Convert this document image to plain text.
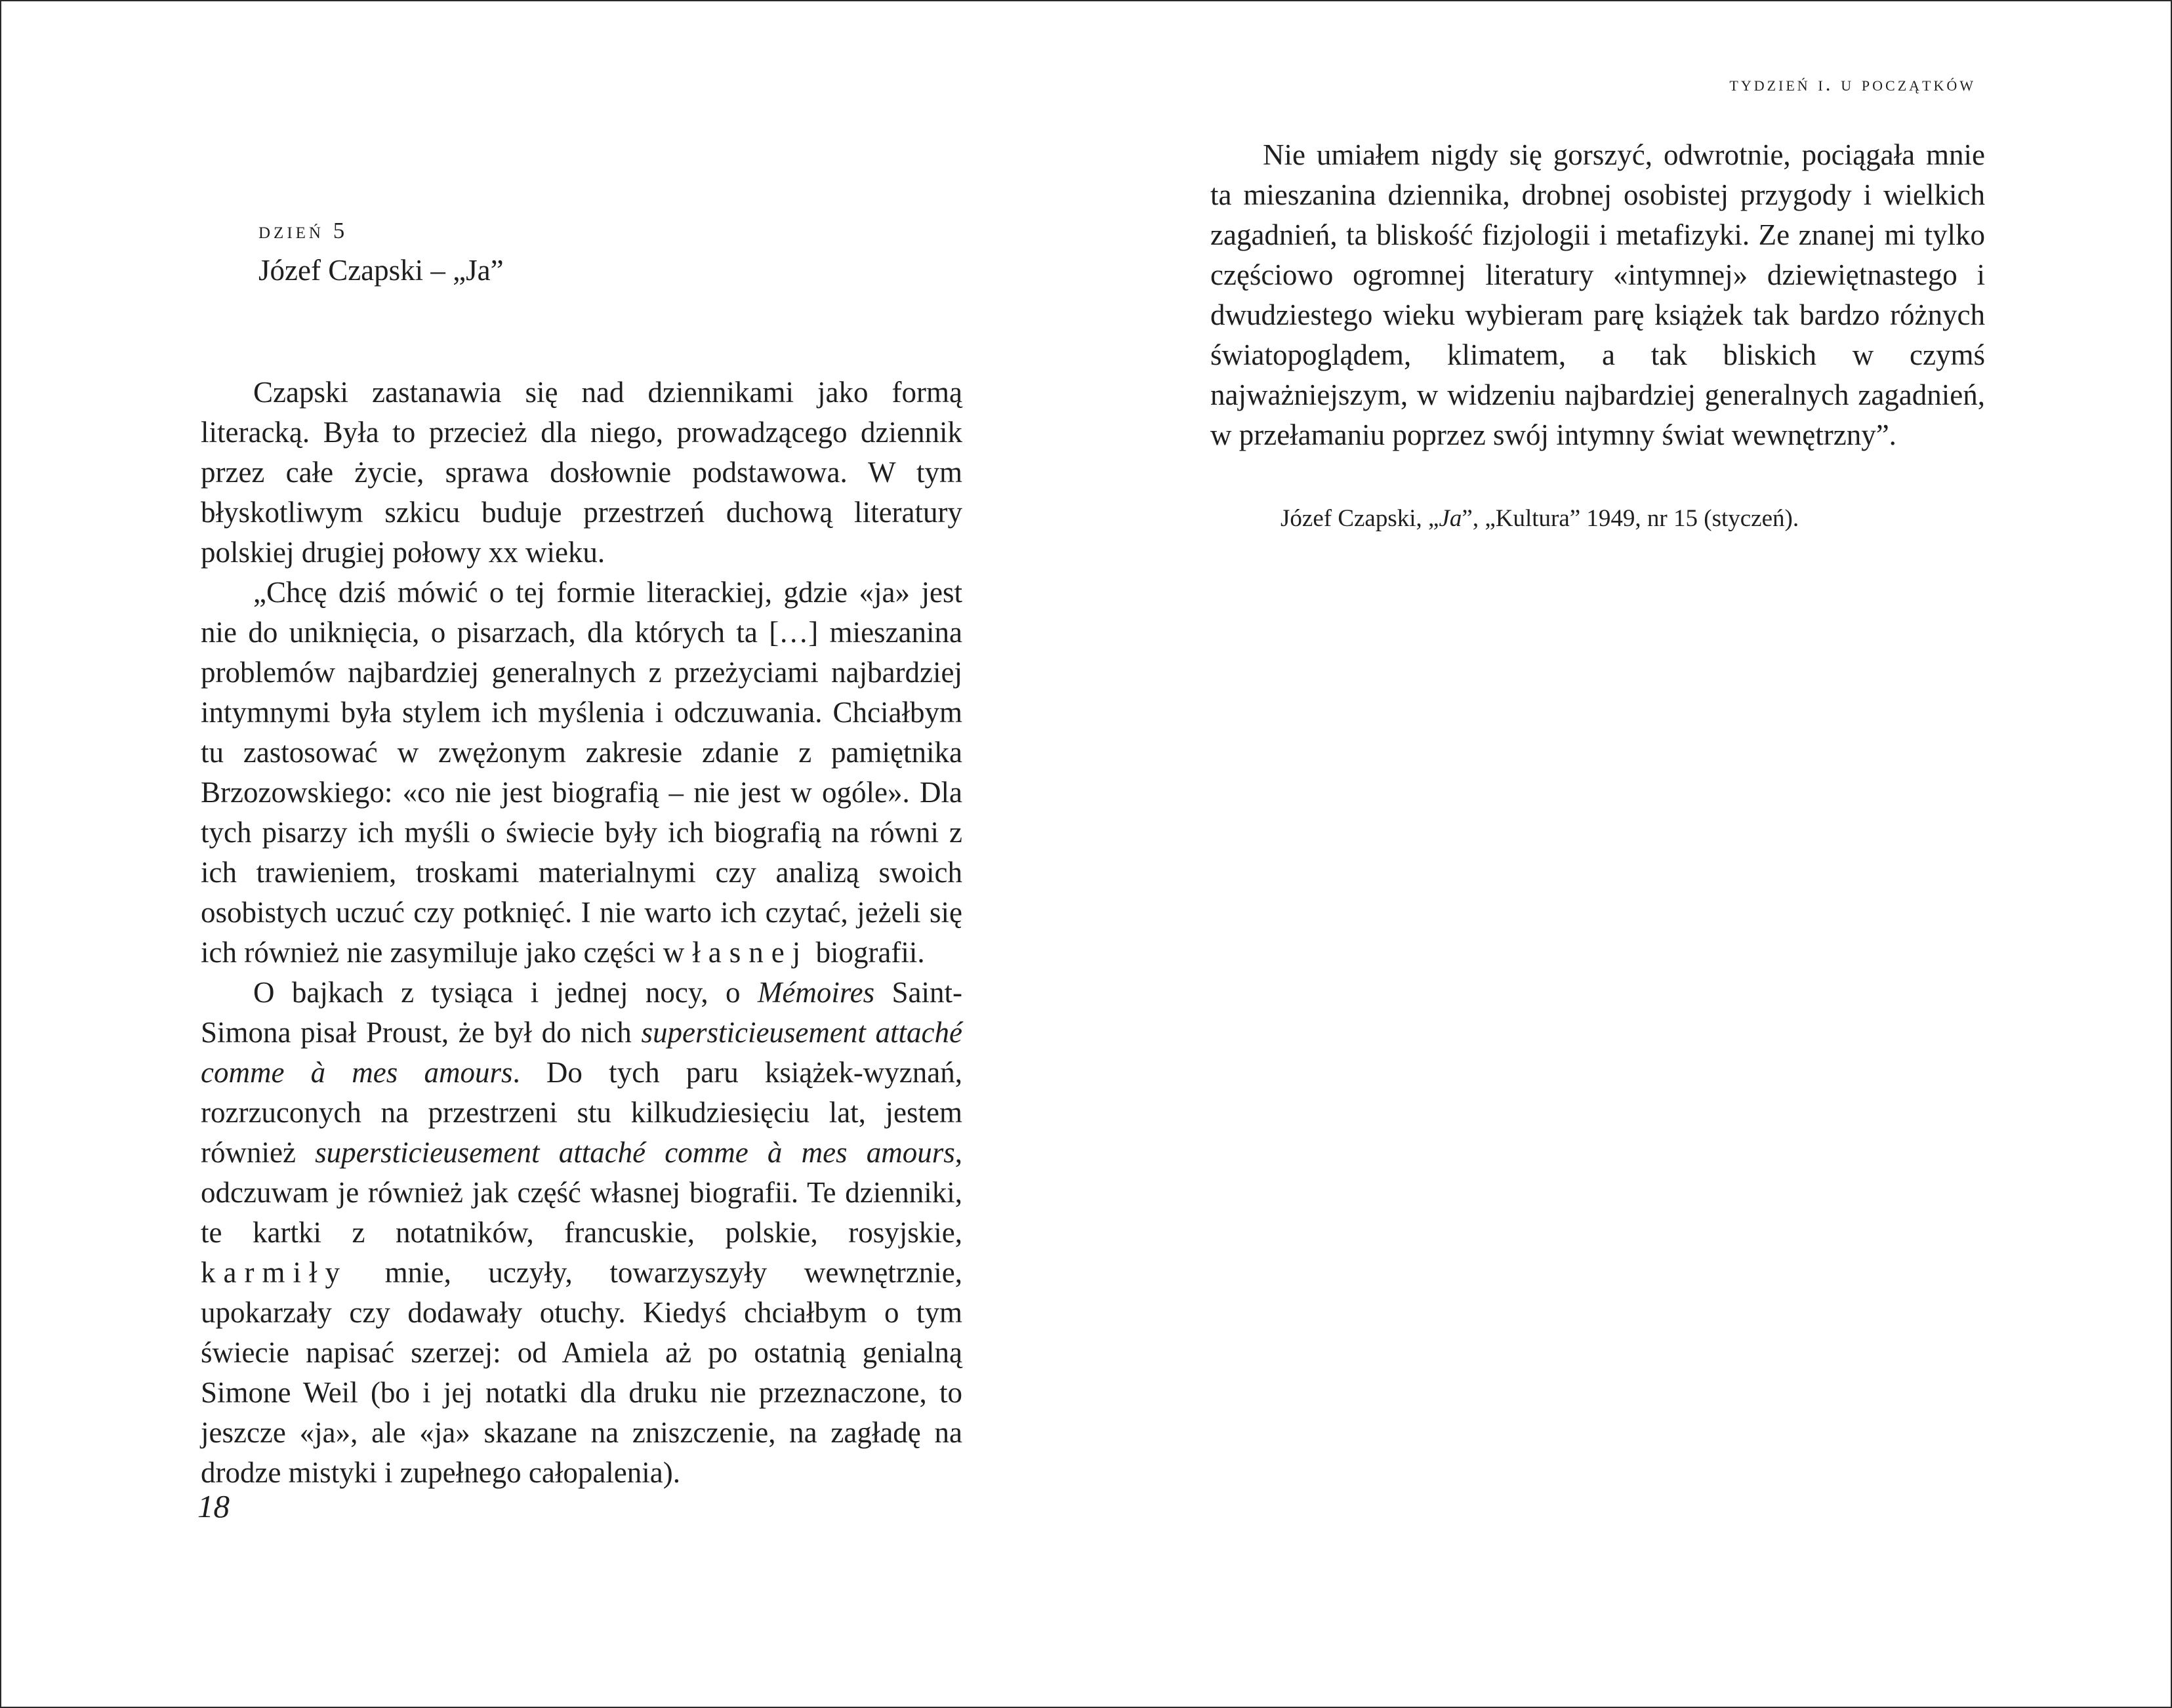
dzień 5
Józef Czapski – „Ja”

Czapski zastanawia się nad dziennikami jako formą literacką. Była to przecież dla niego, prowadzącego dziennik przez całe życie, sprawa dosłownie podstawowa. W tym błyskotliwym szkicu buduje przestrzeń duchową literatury polskiej drugiej połowy xx wieku.

„Chcę dziś mówić o tej formie literackiej, gdzie «ja» jest nie do uniknięcia, o pisarzach, dla których ta […] mieszanina problemów najbardziej generalnych z przeżyciami najbardziej intymnymi była stylem ich myślenia i odczuwania. Chciałbym tu zastosować w zwężonym zakresie zdanie z pamiętnika Brzozowskiego: «co nie jest biografią – nie jest w ogóle». Dla tych pisarzy ich myśli o świecie były ich biografią na równi z ich trawieniem, troskami materialnymi czy analizą swoich osobistych uczuć czy potknięć. I nie warto ich czytać, jeżeli się ich również nie zasymiluje jako części własnej biografii.

O bajkach z tysiąca i jednej nocy, o Mémoires Saint-Simona pisał Proust, że był do nich supersticieusement attaché comme à mes amours. Do tych paru książek-wyznań, rozrzuconych na przestrzeni stu kilkudziesięciu lat, jestem również supersticieusement attaché comme à mes amours, odczuwam je również jak część własnej biografii. Te dzienniki, te kartki z notatników, francuskie, polskie, rosyjskie, karmiły mnie, uczyły, towarzyszyły wewnętrznie, upokarzały czy dodawały otuchy. Kiedyś chciałbym o tym świecie napisać szerzej: od Amiela aż po ostatnią genialną Simone Weil (bo i jej notatki dla druku nie przeznaczone, to jeszcze «ja», ale «ja» skazane na zniszczenie, na zagładę na drodze mistyki i zupełnego całopalenia).

18
tydzień i. u początków

Nie umiałem nigdy się gorszyć, odwrotnie, pociągała mnie ta mieszanina dziennika, drobnej osobistej przygody i wielkich zagadnień, ta bliskość fizjologii i metafizyki. Ze znanej mi tylko częściowo ogromnej literatury «intymnej» dziewiętnastego i dwudziestego wieku wybieram parę książek tak bardzo różnych światopoglądem, klimatem, a tak bliskich w czymś najważniejszym, w widzeniu najbardziej generalnych zagadnień, w przełamaniu poprzez swój intymny świat wewnętrzny”.

Józef Czapski, „Ja”, „Kultura” 1949, nr 15 (styczeń).
